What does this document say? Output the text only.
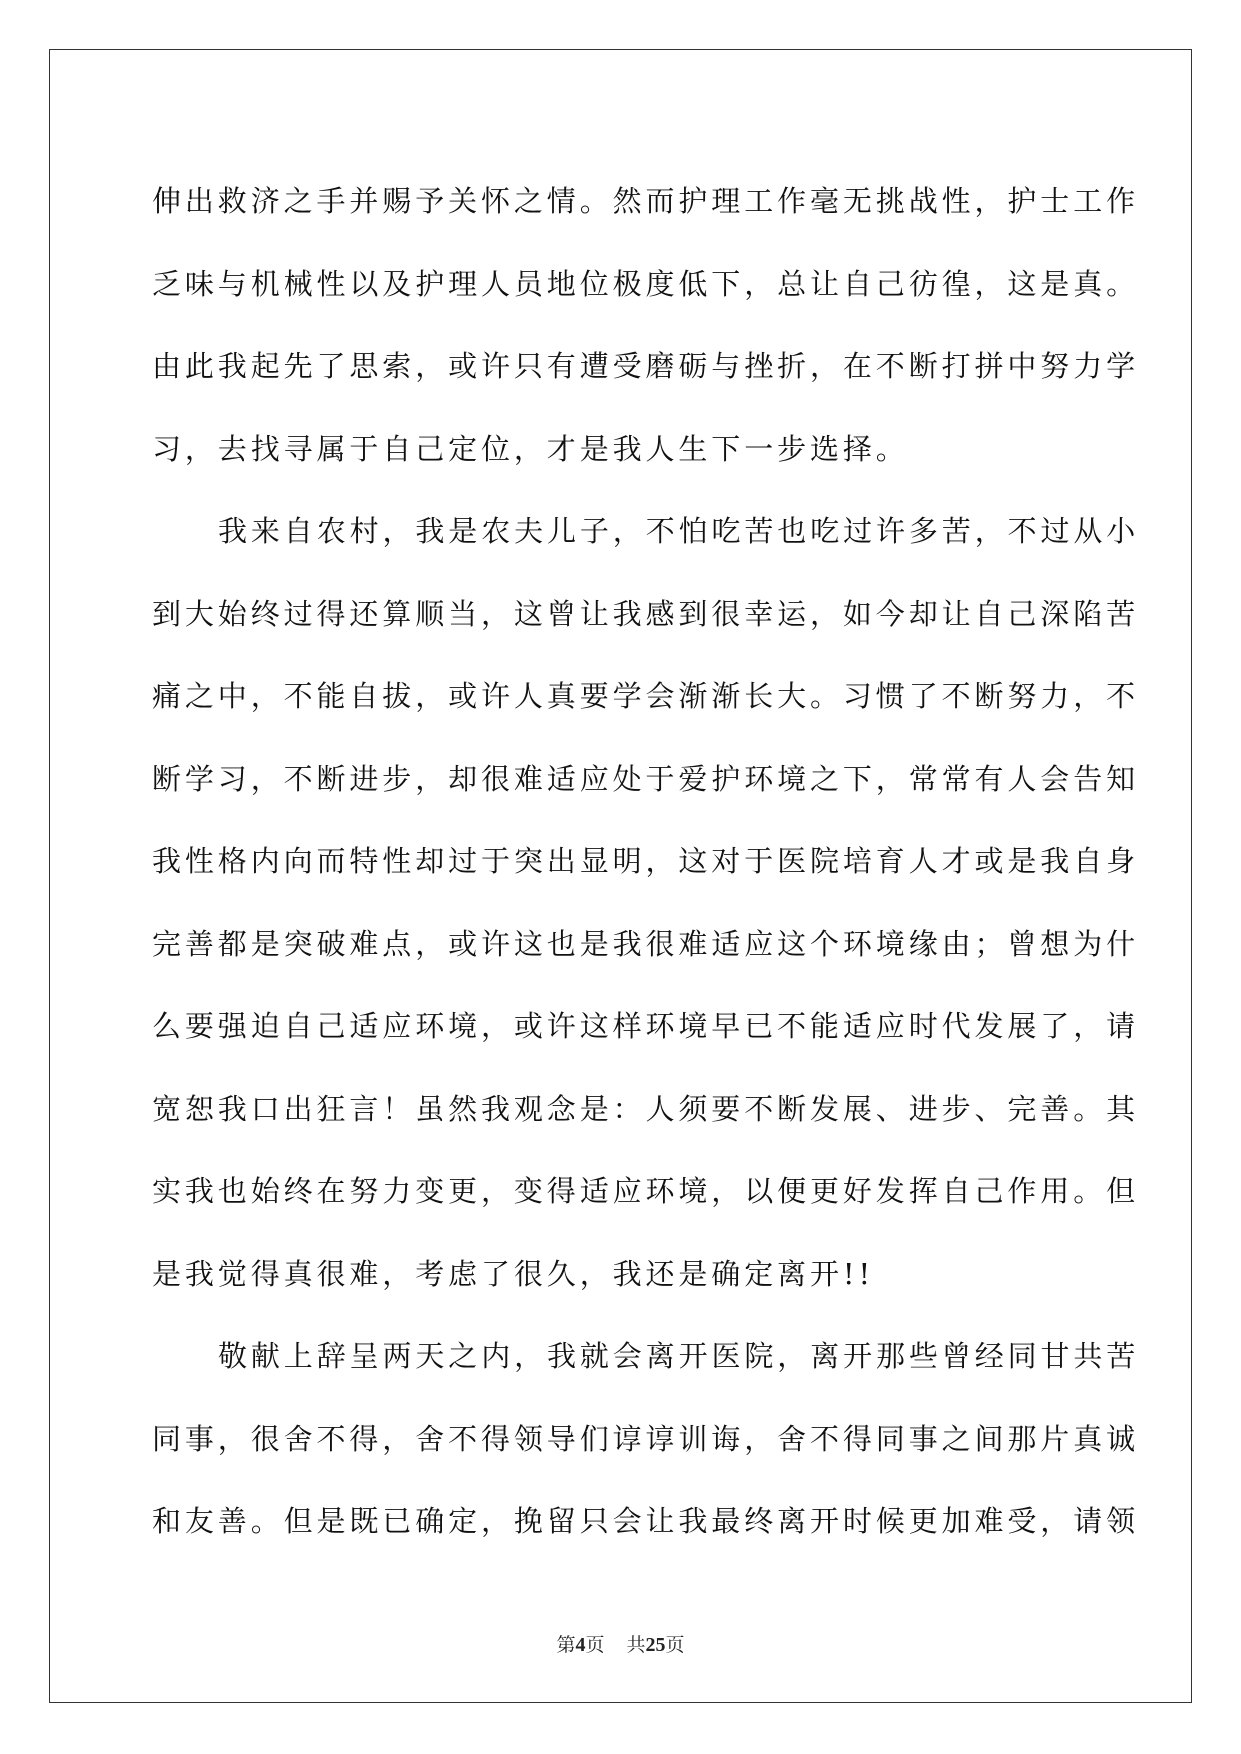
伸出救济之手并赐予关怀之情。然而护理工作毫无挑战性，护士工作
乏味与机械性以及护理人员地位极度低下，总让自己彷徨，这是真。
由此我起先了思索，或许只有遭受磨砺与挫折，在不断打拼中努力学
习，去找寻属于自己定位，才是我人生下一步选择。
我来自农村，我是农夫儿子，不怕吃苦也吃过许多苦，不过从小
到大始终过得还算顺当，这曾让我感到很幸运，如今却让自己深陷苦
痛之中，不能自拔，或许人真要学会渐渐长大。习惯了不断努力，不
断学习，不断进步，却很难适应处于爱护环境之下，常常有人会告知
我性格内向而特性却过于突出显明，这对于医院培育人才或是我自身
完善都是突破难点，或许这也是我很难适应这个环境缘由；曾想为什
么要强迫自己适应环境，或许这样环境早已不能适应时代发展了，请
宽恕我口出狂言！虽然我观念是：人须要不断发展、进步、完善。其
实我也始终在努力变更，变得适应环境，以便更好发挥自己作用。但
是我觉得真很难，考虑了很久，我还是确定离开!!
敬献上辞呈两天之内，我就会离开医院，离开那些曾经同甘共苦
同事，很舍不得，舍不得领导们谆谆训诲，舍不得同事之间那片真诚
和友善。但是既已确定，挽留只会让我最终离开时候更加难受，请领
第4页 共25页
